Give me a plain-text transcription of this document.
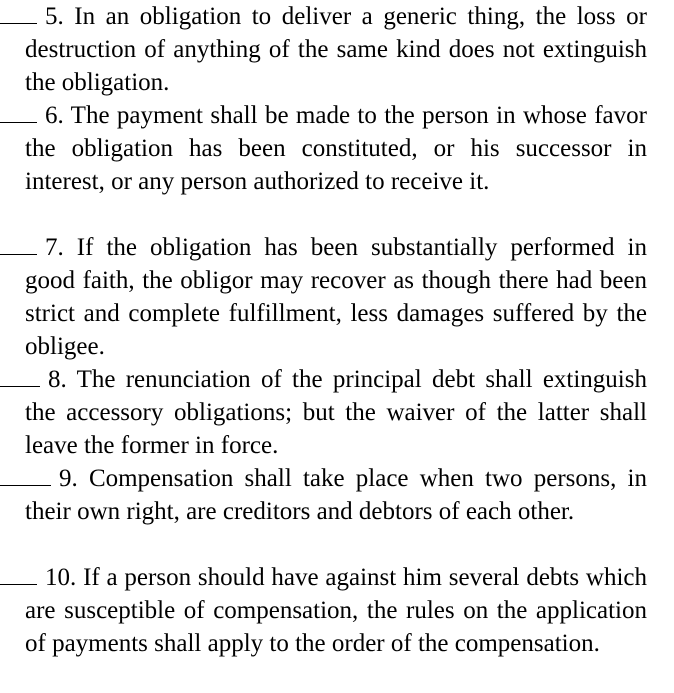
5. In an obligation to deliver a generic thing, the loss or destruction of anything of the same kind does not extinguish the obligation.

6. The payment shall be made to the person in whose favor the obligation has been constituted, or his successor in interest, or any person authorized to receive it.

7. If the obligation has been substantially performed in good faith, the obligor may recover as though there had been strict and complete fulfillment, less damages suffered by the obligee.

8. The renunciation of the principal debt shall extinguish the accessory obligations; but the waiver of the latter shall leave the former in force.

9. Compensation shall take place when two persons, in their own right, are creditors and debtors of each other.

10. If a person should have against him several debts which are susceptible of compensation, the rules on the application of payments shall apply to the order of the compensation.
